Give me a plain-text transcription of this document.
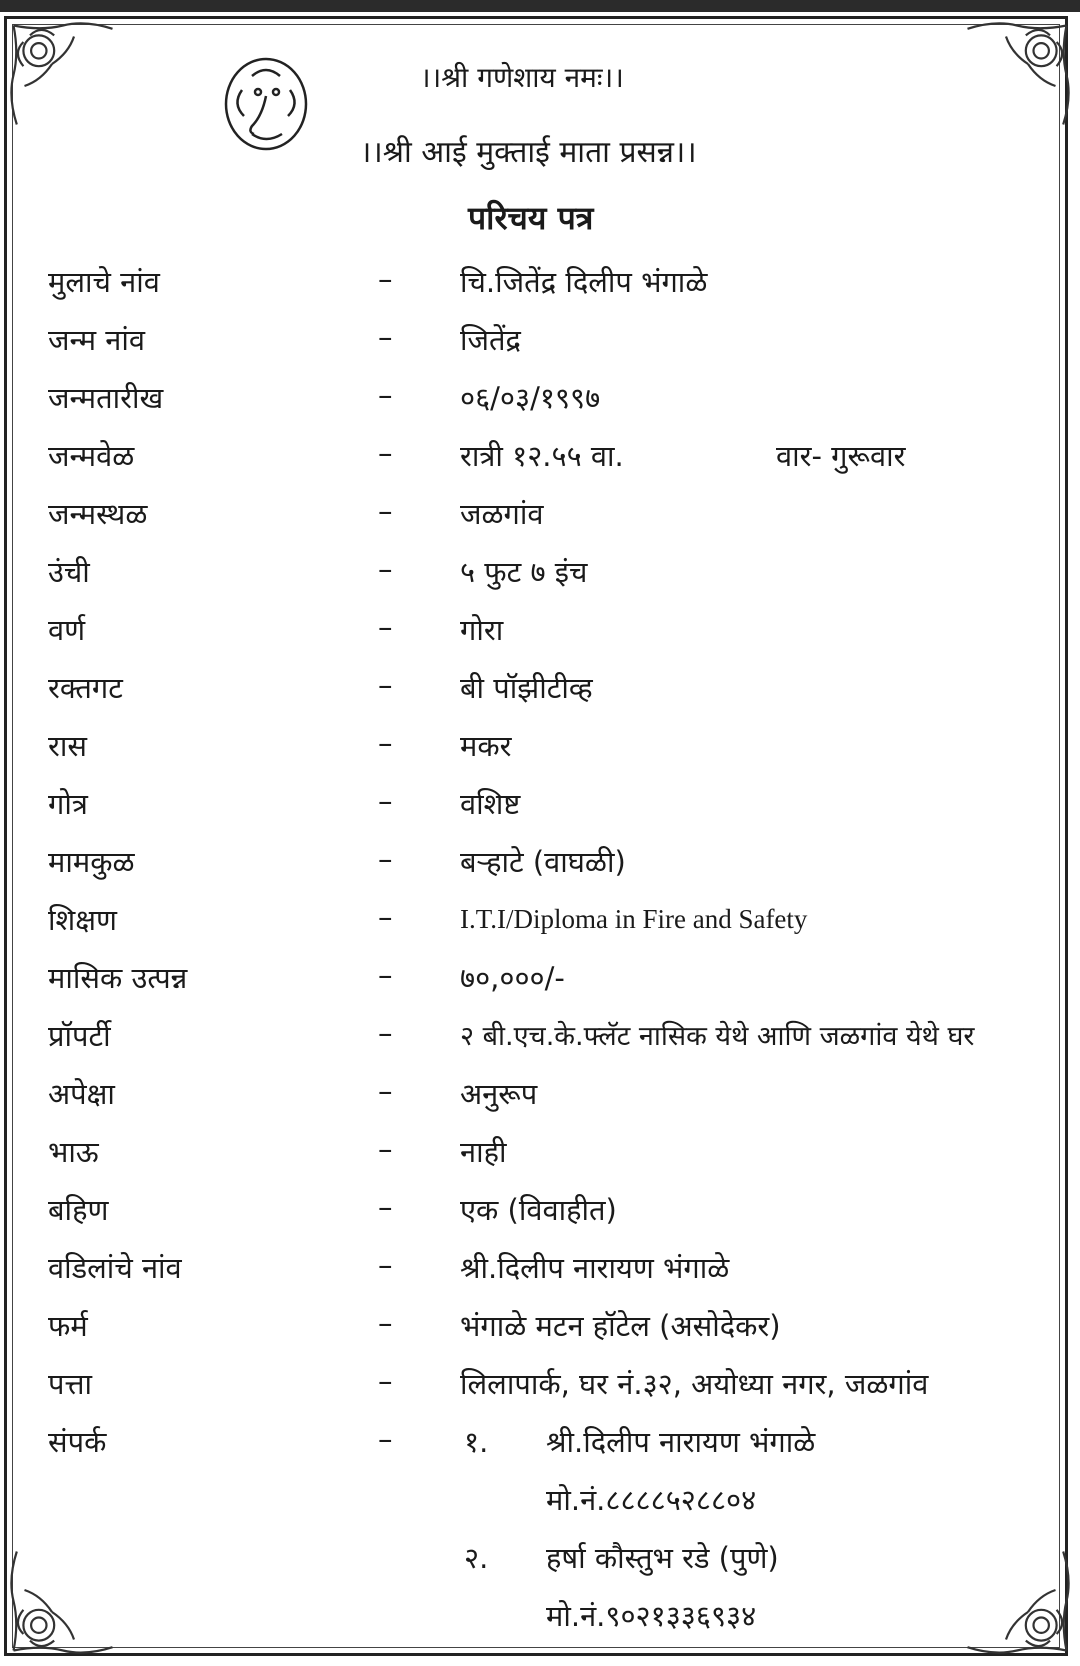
।।श्री गणेशाय नमः।।
।।श्री आई मुक्ताई माता प्रसन्न।।
परिचय पत्र
मुलाचे नांव	– चि.जितेंद्र दिलीप भंगाळे
जन्म नांव	– जितेंद्र
जन्मतारीख	– ०६/०३/१९९७
जन्मवेळ	– रात्री १२.५५ वा.	वार- गुरूवार
जन्मस्थळ	– जळगांव
उंची	– ५ फुट ७ इंच
वर्ण	– गोरा
रक्तगट	– बी पॉझीटीव्ह
रास	– मकर
गोत्र	– वशिष्ट
मामकुळ	– बऱ्हाटे (वाघळी)
शिक्षण	–	I.T.I/Diploma in Fire and Safety
मासिक उत्पन्न	– ७०,०००/-
प्रॉपर्टी	–	२ बी.एच.के.फ्लॅट नासिक येथे आणि जळगांव येथे घर
अपेक्षा	– अनुरूप
भाऊ	– नाही
बहिण	– एक (विवाहीत)
वडिलांचे नांव	– श्री.दिलीप नारायण भंगाळे
फर्म	– भंगाळे मटन हॉटेल (असोदेकर)
पत्ता	– लिलापार्क, घर नं.३२, अयोध्या नगर, जळगांव
संपर्क	– १. श्री.दिलीप नारायण भंगाळे
मो.नं.८८८८५२८८०४
२. हर्षा कौस्तुभ रडे (पुणे)
मो.नं.९०२१३३६९३४
